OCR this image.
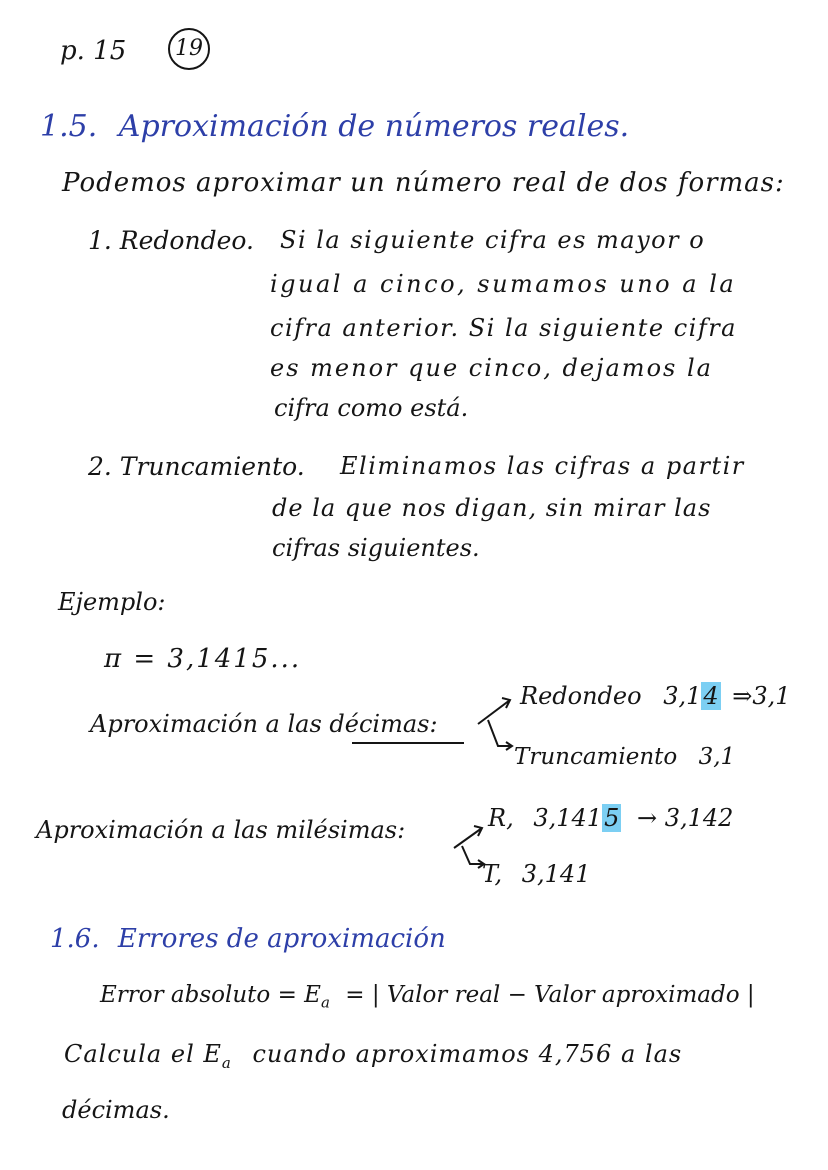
p. 15	19
1.5. Aproximación de números reales.
Podemos aproximar un número real de dos formas:
1. Redondeo. Si la siguiente cifra es mayor o
igual a cinco, sumamos uno a la
cifra anterior. Si la siguiente cifra
es menor que cinco, dejamos la
cifra como está.
2. Truncamiento. Eliminamos las cifras a partir
de la que nos digan, sin mirar las
cifras siguientes.
Ejemplo:
π = 3,1415...
Aproximación a las décimas:
Redondeo 3,14 ⇒3,1
Truncamiento 3,1
Aproximación a las milésimas:	R, 3,1415 → 3,142
T, 3,141
1.6. Errores de aproximación
Error absoluto = $E_a$ = | Valor real − Valor aproximado |
Calcula el $E_a$ cuando aproximamos 4,756 a las
décimas.
